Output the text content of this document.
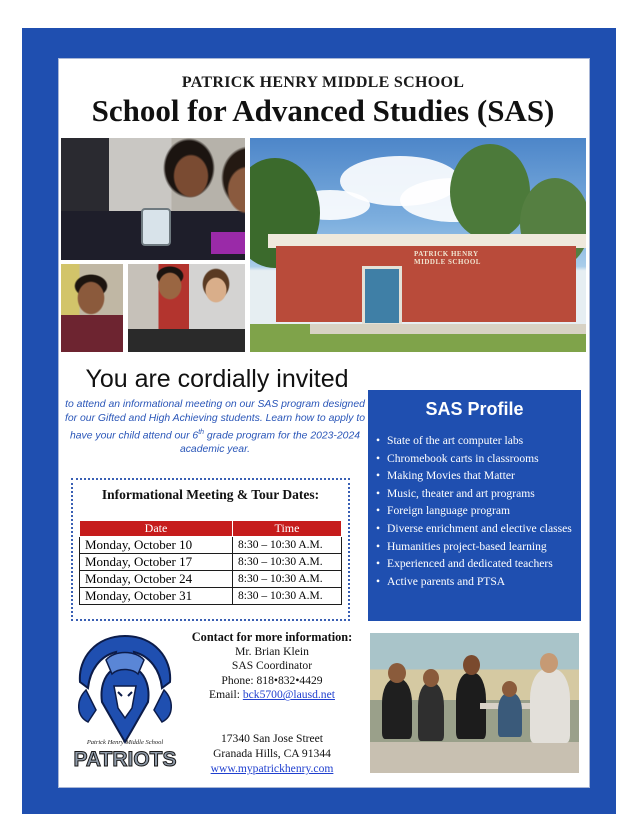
PATRICK HENRY MIDDLE SCHOOL
School for Advanced Studies (SAS)
PATRICK HENRY MIDDLE SCHOOL
You are cordially invited
to attend an informational meeting on our SAS program designed for our Gifted and High Achieving students. Learn how to apply to have your child attend our 6th grade program for the 2023-2024 academic year.
Informational Meeting & Tour Dates:
Date	Time
Monday, October 10	8:30 – 10:30 A.M.
Monday, October 17	8:30 – 10:30 A.M.
Monday, October 24	8:30 – 10:30 A.M.
Monday, October 31	8:30 – 10:30 A.M.
SAS Profile
• State of the art computer labs
• Chromebook carts in classrooms
• Making Movies that Matter
• Music, theater and art programs
• Foreign language program
• Diverse enrichment and elective classes
• Humanities project-based learning
• Experienced and dedicated teachers
• Active parents and PTSA
Patrick Henry Middle School
PATRIOTS
Contact for more information:
Mr. Brian Klein
SAS Coordinator
Phone: 818•832•4429
Email: bck5700@lausd.net
17340 San Jose Street
Granada Hills, CA 91344
www.mypatrickhenry.com
